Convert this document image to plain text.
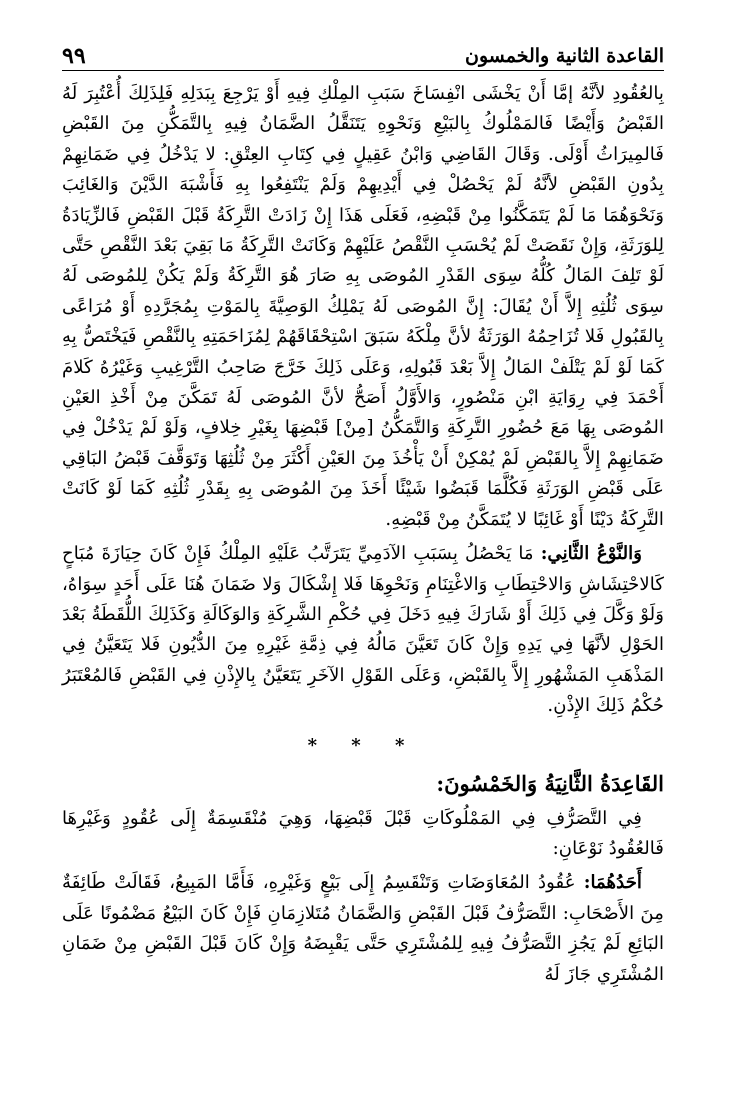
القاعدة الثانية والخمسون
٩٩

بِالعُقُودِ لأنَّهُ إمَّا أَنْ يَخْشَى انْفِسَاخَ سَبَبِ المِلْكِ فِيهِ أَوْ يَرْجِعَ بِبَدَلِهِ فَلِذَلِكَ أُعْتُبِرَ لَهُ القَبْضُ وَأَيْضًا فَالمَمْلُوكُ بِالبَيْعِ وَنَحْوِهِ يَتَنَقَّلُ الضَّمَانُ فِيهِ بِالتَّمَكُّنِ مِنَ القَبْضِ فَالمِيرَاثُ أَوْلَى. وَقَالَ القَاضِي وَابْنُ عَقِيلٍ فِي كِتَابِ العِتْقِ: لا يَدْخُلُ فِي ضَمَانِهِمْ بِدُونِ القَبْضِ لأنَّهُ لَمْ يَحْصُلْ فِي أَيْدِيهِمْ وَلَمْ يَنْتَفِعُوا بِهِ فَأَشْبَهَ الدَّيْنَ وَالغَائِبَ وَنَحْوَهُمَا مَا لَمْ يَتَمَكَّنُوا مِنْ قَبْضِهِ، فَعَلَى هَذَا إِنْ زَادَتْ التَّرِكَةُ قَبْلَ القَبْضِ فَالزِّيَادَةُ لِلوَرَثَةِ، وَإِنْ نَقَصَتْ لَمْ يُحْسَبِ النَّقْصُ عَلَيْهِمْ وَكَانَتْ التَّرِكَةُ مَا بَقِيَ بَعْدَ النَّقْصِ حَتَّى لَوْ تَلِفَ المَالُ كُلُّهُ سِوَى القَدْرِ المُوصَى بِهِ صَارَ هُوَ التَّرِكَةُ وَلَمْ يَكُنْ لِلمُوصَى لَهُ سِوَى ثُلُثِهِ إِلاَّ أَنْ يُقَالَ: إِنَّ المُوصَى لَهُ يَمْلِكُ الوَصِيَّةَ بِالمَوْتِ بِمُجَرَّدِهِ أَوْ مُرَاعًى بِالقَبُولِ فَلا تُزَاحِمُهُ الوَرَثَةُ لأنَّ مِلْكَهُ سَبَقَ اسْتِحْقَاقَهُمْ لِمُزَاحَمَتِهِ بِالنَّقْصِ فَيَخْتَصُّ بِهِ كَمَا لَوْ لَمْ يَتْلَفْ المَالُ إِلاَّ بَعْدَ قَبُولِهِ، وَعَلَى ذَلِكَ خَرَّجَ صَاحِبُ التَّرْغِيبِ وَغَيْرُهُ كَلامَ أَحْمَدَ فِي رِوَايَةِ ابْنِ مَنْصُورٍ، وَالأَوَّلُ أَصَحُّ لأنَّ المُوصَى لَهُ تَمَكَّنَ مِنْ أَخْذِ العَيْنِ المُوصَى بِهَا مَعَ حُضُورِ التَّرِكَةِ وَالتَّمَكُّنُ [مِنْ] قَبْضِهَا بِغَيْرِ خِلافٍ، وَلَوْ لَمْ يَدْخُلْ فِي ضَمَانِهِمْ إِلاَّ بِالقَبْضِ لَمْ يُمْكِنْ أَنْ يَأْخُذَ مِنَ العَيْنِ أَكْثَرَ مِنْ ثُلُثِهَا وَتَوَقَّفَ قَبْضُ البَاقِي عَلَى قَبْضِ الوَرَثَةِ فَكُلَّمَا قَبَضُوا شَيْئًا أَخَذَ مِنَ المُوصَى بِهِ بِقَدْرِ ثُلُثِهِ كَمَا لَوْ كَانَتْ التَّرِكَةُ دَيْنًا أَوْ غَائِبًا لا يُتَمَكَّنُ مِنْ قَبْضِهِ.

وَالنَّوْعُ الثَّانِي: مَا يَحْصُلُ بِسَبَبِ الآدَمِيِّ يَتَرَتَّبُ عَلَيْهِ المِلْكُ فَإِنْ كَانَ حِيَازَةَ مُبَاحٍ كَالاحْتِشَاشِ وَالاحْتِطَابِ وَالاغْتِنَامِ وَنَحْوِهَا فَلا إِشْكَالَ وَلا ضَمَانَ هُنَا عَلَى أَحَدٍ سِوَاهُ، وَلَوْ وَكَّلَ فِي ذَلِكَ أَوْ شَارَكَ فِيهِ دَخَلَ فِي حُكْمِ الشَّرِكَةِ وَالوَكَالَةِ وَكَذَلِكَ اللُّقَطَةُ بَعْدَ الحَوْلِ لأنَّهَا فِي يَدِهِ وَإِنْ كَانَ تَعَيَّنَ مَالُهُ فِي ذِمَّةِ غَيْرِهِ مِنَ الدُّيُونِ فَلا يَتَعَيَّنُ فِي المَذْهَبِ المَشْهُورِ إِلاَّ بِالقَبْضِ، وَعَلَى القَوْلِ الآخَرِ يَتَعَيَّنُ بِالإِذْنِ فِي القَبْضِ فَالمُعْتَبَرُ حُكْمُ ذَلِكَ الإِذْنِ.

* * *
القَاعِدَةُ الثَّانِيَةُ وَالخَمْسُونَ:

فِي التَّصَرُّفِ فِي المَمْلُوكَاتِ قَبْلَ قَبْضِهَا، وَهِيَ مُنْقَسِمَةٌ إِلَى عُقُودٍ وَغَيْرِهَا فَالعُقُودُ نَوْعَانِ:

أَحَدُهُمَا: عُقُودُ المُعَاوَضَاتِ وَتَنْقَسِمُ إِلَى بَيْعٍ وَغَيْرِهِ، فَأَمَّا المَبِيعُ، فَقَالَتْ طَائِفَةٌ مِنَ الأَصْحَابِ: التَّصَرُّفُ قَبْلَ القَبْضِ وَالضَّمَانُ مُتَلازِمَانِ فَإِنْ كَانَ البَيْعُ مَضْمُونًا عَلَى البَائِعِ لَمْ يَجُزِ التَّصَرُّفُ فِيهِ لِلمُشْتَرِي حَتَّى يَقْبِضَهُ وَإِنْ كَانَ قَبْلَ القَبْضِ مِنْ ضَمَانِ المُشْتَرِي جَازَ لَهُ
